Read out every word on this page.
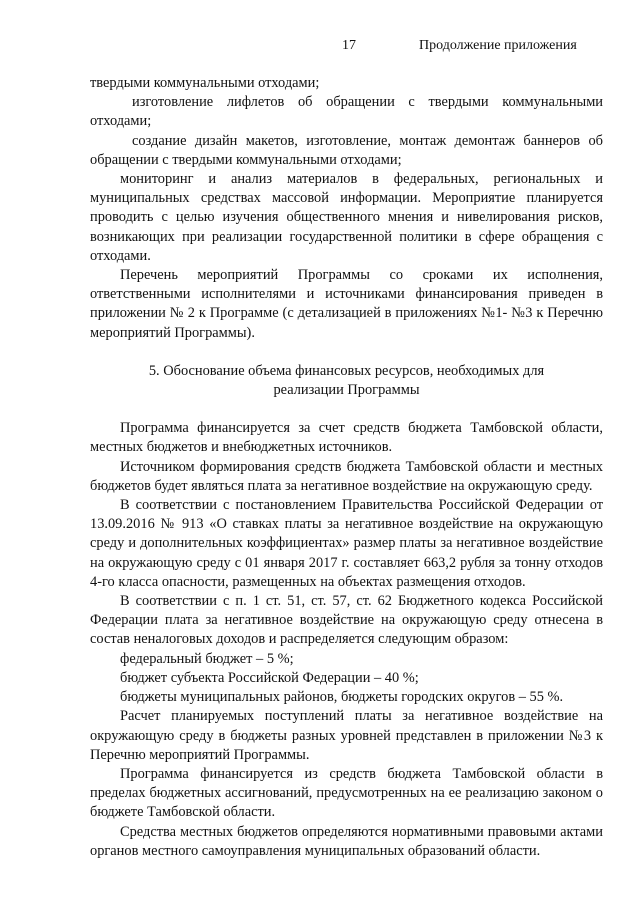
17	Продолжение приложения

твердыми коммунальными отходами;

изготовление лифлетов об обращении с твердыми коммунальными отходами;

создание дизайн макетов, изготовление, монтаж демонтаж баннеров об обращении с твердыми коммунальными отходами;

мониторинг и анализ материалов в федеральных, региональных и муниципальных средствах массовой информации. Мероприятие планируется проводить с целью изучения общественного мнения и нивелирования рисков, возникающих при реализации государственной политики в сфере обращения с отходами.

Перечень мероприятий Программы со сроками их исполнения, ответственными исполнителями и источниками финансирования приведен в приложении № 2 к Программе (с детализацией в приложениях №1- №3 к Перечню мероприятий Программы).

5. Обоснование объема финансовых ресурсов, необходимых для

реализации Программы

Программа финансируется за счет средств бюджета Тамбовской области, местных бюджетов и внебюджетных источников.

Источником формирования средств бюджета Тамбовской области и местных бюджетов будет являться плата за негативное воздействие на окружающую среду.

В соответствии с постановлением Правительства Российской Федерации от 13.09.2016 № 913 «О ставках платы за негативное воздействие на окружающую среду и дополнительных коэффициентах» размер платы за негативное воздействие на окружающую среду с 01 января 2017 г. составляет 663,2 рубля за тонну отходов 4-го класса опасности, размещенных на объектах размещения отходов.

В соответствии с п. 1 ст. 51, ст. 57, ст. 62 Бюджетного кодекса Российской Федерации плата за негативное воздействие на окружающую среду отнесена в состав неналоговых доходов и распределяется следующим образом:

федеральный бюджет – 5 %;

бюджет субъекта Российской Федерации – 40 %;

бюджеты муниципальных районов, бюджеты городских округов – 55 %.

Расчет планируемых поступлений платы за негативное воздействие на окружающую среду в бюджеты разных уровней представлен в приложении №3 к Перечню мероприятий Программы.

Программа финансируется из средств бюджета Тамбовской области в пределах бюджетных ассигнований, предусмотренных на ее реализацию законом о бюджете Тамбовской области.

Средства местных бюджетов определяются нормативными правовыми актами органов местного самоуправления муниципальных образований области.
